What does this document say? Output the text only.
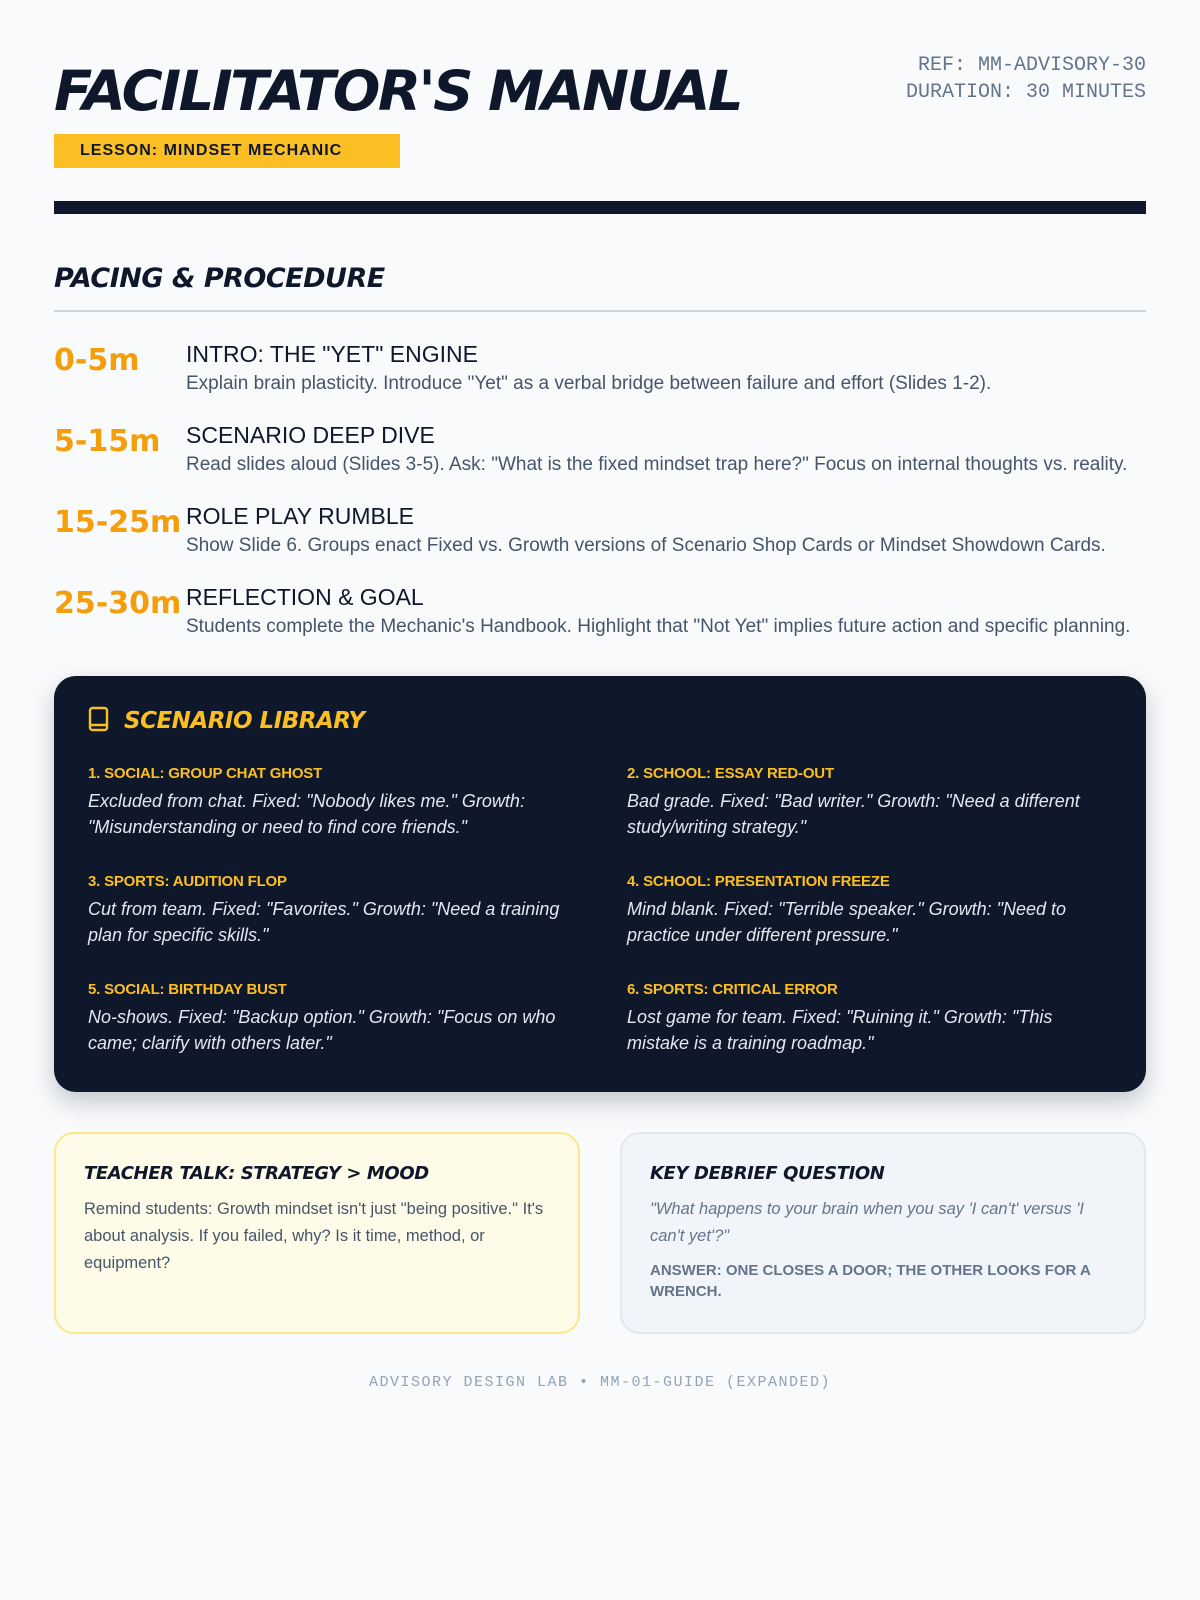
FACILITATOR'S MANUAL
LESSON: MINDSET MECHANIC
REF: MM-ADVISORY-30
DURATION: 30 MINUTES
PACING & PROCEDURE
0-5m	INTRO: THE "YET" ENGINE
Explain brain plasticity. Introduce "Yet" as a verbal bridge between failure and effort (Slides 1-2).
5-15m	SCENARIO DEEP DIVE
Read slides aloud (Slides 3-5). Ask: "What is the fixed mindset trap here?" Focus on internal thoughts vs. reality.
15-25m ROLE PLAY RUMBLE
Show Slide 6. Groups enact Fixed vs. Growth versions of Scenario Shop Cards or Mindset Showdown Cards.
25-30m REFLECTION & GOAL
Students complete the Mechanic's Handbook. Highlight that "Not Yet" implies future action and specific planning.
SCENARIO LIBRARY
1. SOCIAL: GROUP CHAT GHOST
Excluded from chat. Fixed: "Nobody likes me." Growth: "Misunderstanding or need to find core friends."
2. SCHOOL: ESSAY RED-OUT
Bad grade. Fixed: "Bad writer." Growth: "Need a different study/writing strategy."
3. SPORTS: AUDITION FLOP
Cut from team. Fixed: "Favorites." Growth: "Need a training plan for specific skills."
4. SCHOOL: PRESENTATION FREEZE
Mind blank. Fixed: "Terrible speaker." Growth: "Need to practice under different pressure."
5. SOCIAL: BIRTHDAY BUST
No-shows. Fixed: "Backup option." Growth: "Focus on who came; clarify with others later."
6. SPORTS: CRITICAL ERROR
Lost game for team. Fixed: "Ruining it." Growth: "This mistake is a training roadmap."
TEACHER TALK: STRATEGY > MOOD
Remind students: Growth mindset isn't just "being positive." It's about analysis. If you failed, why? Is it time, method, or equipment?
KEY DEBRIEF QUESTION
"What happens to your brain when you say 'I can't' versus 'I can't yet'?"
ANSWER: ONE CLOSES A DOOR; THE OTHER LOOKS FOR A WRENCH.
ADVISORY DESIGN LAB • MM-01-GUIDE (EXPANDED)
